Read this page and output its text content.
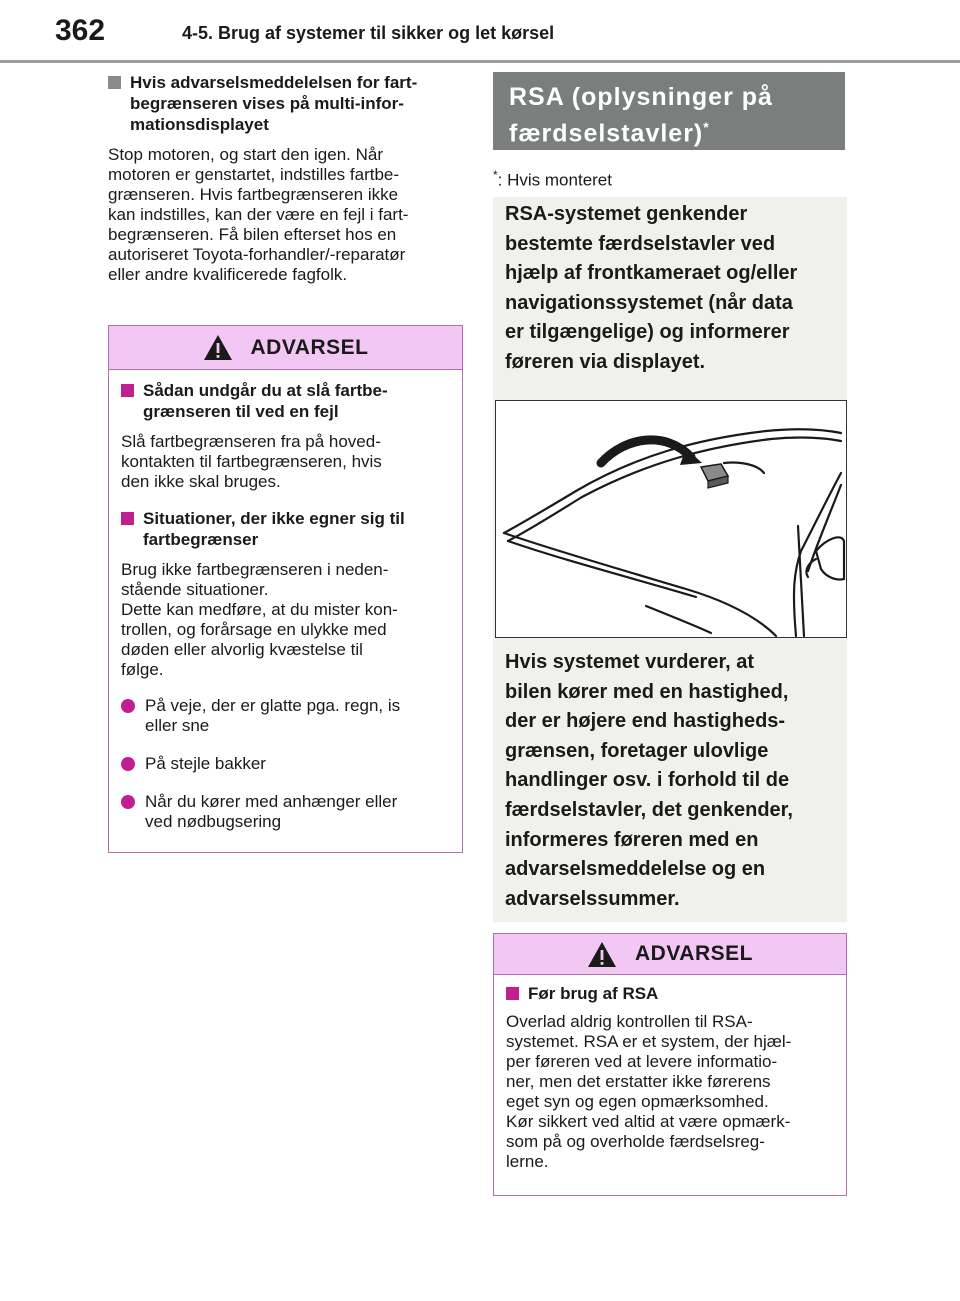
362	4-5. Brug af systemer til sikker og let kørsel
Hvis advarselsmeddelelsen for fart-begrænseren vises på multi-infor-mationsdisplayet
Stop motoren, og start den igen. Når
motoren er genstartet, indstilles fartbe-
grænseren. Hvis fartbegrænseren ikke
kan indstilles, kan der være en fejl i fart-
begrænseren. Få bilen efterset hos en
autoriseret Toyota-forhandler/-reparatør
eller andre kvalificerede fagfolk.
ADVARSEL
Sådan undgår du at slå fartbe-
grænseren til ved en fejl
Slå fartbegrænseren fra på hoved-
kontakten til fartbegrænseren, hvis
den ikke skal bruges.
Situationer, der ikke egner sig til
fartbegrænser
Brug ikke fartbegrænseren i neden-
stående situationer.
Dette kan medføre, at du mister kon-
trollen, og forårsage en ulykke med
døden eller alvorlig kvæstelse til
følge.
På veje, der er glatte pga. regn, is
eller sne
På stejle bakker
Når du kører med anhænger eller
ved nødbugsering
RSA (oplysninger på
færdselstavler)*
*: Hvis monteret
RSA-systemet genkender
bestemte færdselstavler ved
hjælp af frontkameraet og/eller
navigationssystemet (når data
er tilgængelige) og informerer
føreren via displayet.
Hvis systemet vurderer, at
bilen kører med en hastighed,
der er højere end hastigheds-
grænsen, foretager ulovlige
handlinger osv. i forhold til de
færdselstavler, det genkender,
informeres føreren med en
advarselsmeddelelse og en
advarselssummer.
ADVARSEL
Før brug af RSA
Overlad aldrig kontrollen til RSA-
systemet. RSA er et system, der hjæl-
per føreren ved at levere informatio-
ner, men det erstatter ikke førerens
eget syn og egen opmærksomhed.
Kør sikkert ved altid at være opmærk-
som på og overholde færdselsreg-
lerne.
